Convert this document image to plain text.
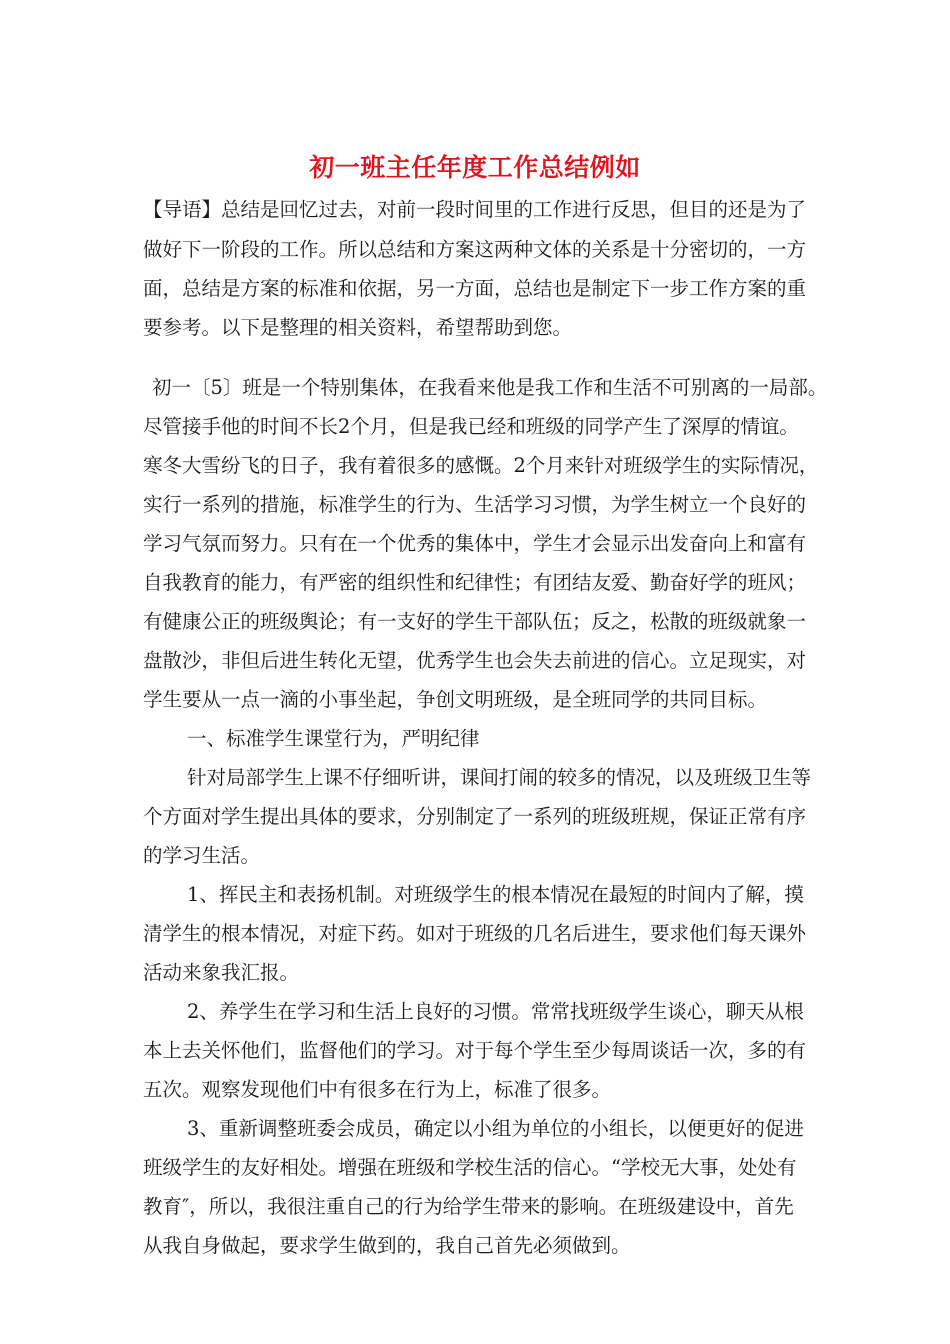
初一班主任年度工作总结例如
【导语】总结是回忆过去，对前一段时间里的工作进行反思，但目的还是为了
做好下一阶段的工作。所以总结和方案这两种文体的关系是十分密切的，一方
面，总结是方案的标准和依据，另一方面，总结也是制定下一步工作方案的重
要参考。以下是整理的相关资料，希望帮助到您。
初一〔5〕班是一个特别集体，在我看来他是我工作和生活不可别离的一局部。
尽管接手他的时间不长2个月，但是我已经和班级的同学产生了深厚的情谊。
寒冬大雪纷飞的日子，我有着很多的感慨。2个月来针对班级学生的实际情况，
实行一系列的措施，标准学生的行为、生活学习习惯，为学生树立一个良好的
学习气氛而努力。只有在一个优秀的集体中，学生才会显示出发奋向上和富有
自我教育的能力，有严密的组织性和纪律性；有团结友爱、勤奋好学的班风；
有健康公正的班级舆论；有一支好的学生干部队伍；反之，松散的班级就象一
盘散沙，非但后进生转化无望，优秀学生也会失去前进的信心。立足现实，对
学生要从一点一滴的小事坐起，争创文明班级，是全班同学的共同目标。
一、标准学生课堂行为，严明纪律
针对局部学生上课不仔细听讲，课间打闹的较多的情况，以及班级卫生等
个方面对学生提出具体的要求，分别制定了一系列的班级班规，保证正常有序
的学习生活。
1、挥民主和表扬机制。对班级学生的根本情况在最短的时间内了解，摸
清学生的根本情况，对症下药。如对于班级的几名后进生，要求他们每天课外
活动来象我汇报。
2、养学生在学习和生活上良好的习惯。常常找班级学生谈心，聊天从根
本上去关怀他们，监督他们的学习。对于每个学生至少每周谈话一次，多的有
五次。观察发现他们中有很多在行为上，标准了很多。
3、重新调整班委会成员，确定以小组为单位的小组长，以便更好的促进
班级学生的友好相处。增强在班级和学校生活的信心。“学校无大事，处处有
教育″，所以，我很注重自己的行为给学生带来的影响。在班级建设中，首先
从我自身做起，要求学生做到的，我自己首先必须做到。
